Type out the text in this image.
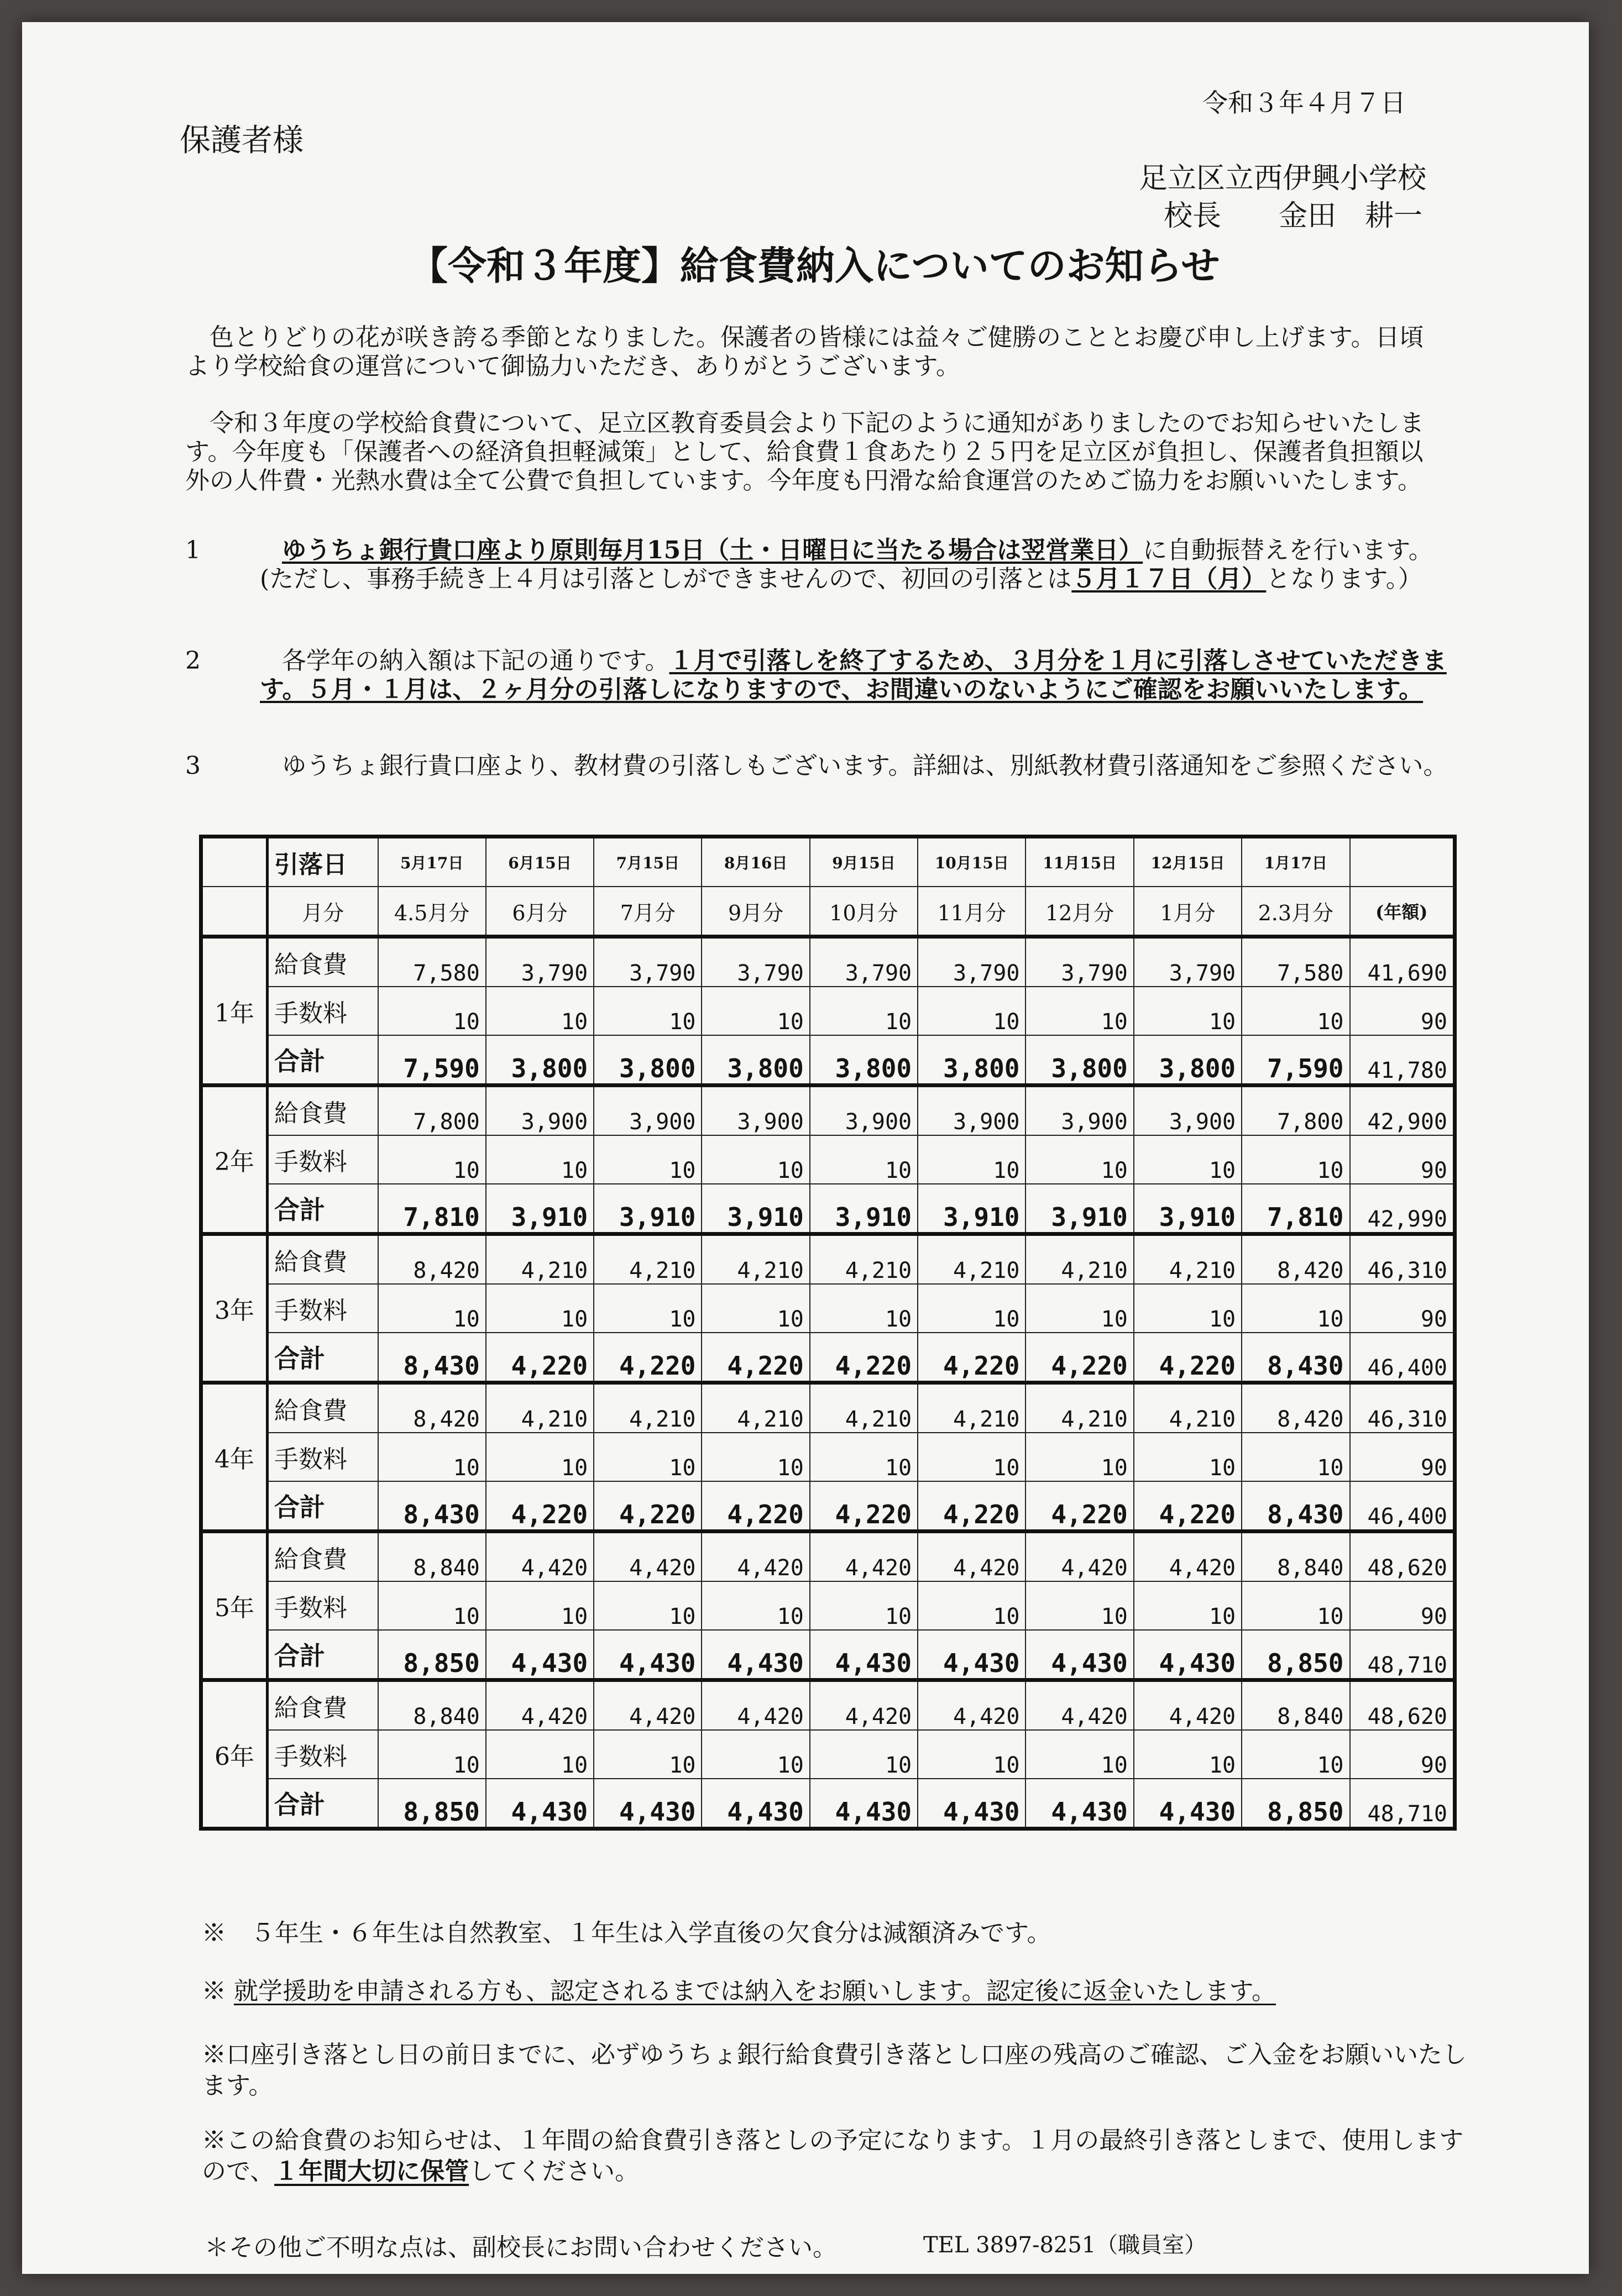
令和３年４月７日
保護者様
足立区立西伊興小学校
校長　　金田　耕一
【令和３年度】給食費納入についてのお知らせ
色とりどりの花が咲き誇る季節となりました。保護者の皆様には益々ご健勝のこととお慶び申し上げます。日頃より学校給食の運営について御協力いただき、ありがとうございます。
令和３年度の学校給食費について、足立区教育委員会より下記のように通知がありましたのでお知らせいたします。今年度も「保護者への経済負担軽減策」として、給食費１食あたり２５円を足立区が負担し、保護者負担額以外の人件費・光熱水費は全て公費で負担しています。今年度も円滑な給食運営のためご協力をお願いいたします。
1	ゆうちょ銀行貴口座より原則毎月15日（土・日曜日に当たる場合は翌営業日）に自動振替えを行います。(ただし、事務手続き上４月は引落としができませんので、初回の引落とは５月１７日（月）となります。）
2	各学年の納入額は下記の通りです。１月で引落しを終了するため、３月分を１月に引落しさせていただきます。５月・１月は、２ヶ月分の引落しになりますので、お間違いのないようにご確認をお願いいたします。
3	ゆうちょ銀行貴口座より、教材費の引落しもございます。詳細は、別紙教材費引落通知をご参照ください。
	引落日	5月17日	6月15日	7月15日	8月16日	9月15日	10月15日	11月15日	12月15日	1月17日	
	月分	4.5月分	6月分	7月分	9月分	10月分	11月分	12月分	1月分	2.3月分	(年額)
1年	給食費	7,580	3,790	3,790	3,790	3,790	3,790	3,790	3,790	7,580	41,690
	手数料	10	10	10	10	10	10	10	10	10	90
	合計	7,590	3,800	3,800	3,800	3,800	3,800	3,800	3,800	7,590	41,780
2年	給食費	7,800	3,900	3,900	3,900	3,900	3,900	3,900	3,900	7,800	42,900
	手数料	10	10	10	10	10	10	10	10	10	90
	合計	7,810	3,910	3,910	3,910	3,910	3,910	3,910	3,910	7,810	42,990
3年	給食費	8,420	4,210	4,210	4,210	4,210	4,210	4,210	4,210	8,420	46,310
	手数料	10	10	10	10	10	10	10	10	10	90
	合計	8,430	4,220	4,220	4,220	4,220	4,220	4,220	4,220	8,430	46,400
4年	給食費	8,420	4,210	4,210	4,210	4,210	4,210	4,210	4,210	8,420	46,310
	手数料	10	10	10	10	10	10	10	10	10	90
	合計	8,430	4,220	4,220	4,220	4,220	4,220	4,220	4,220	8,430	46,400
5年	給食費	8,840	4,420	4,420	4,420	4,420	4,420	4,420	4,420	8,840	48,620
	手数料	10	10	10	10	10	10	10	10	10	90
	合計	8,850	4,430	4,430	4,430	4,430	4,430	4,430	4,430	8,850	48,710
6年	給食費	8,840	4,420	4,420	4,420	4,420	4,420	4,420	4,420	8,840	48,620
	手数料	10	10	10	10	10	10	10	10	10	90
	合計	8,850	4,430	4,430	4,430	4,430	4,430	4,430	4,430	8,850	48,710
※　５年生・６年生は自然教室、１年生は入学直後の欠食分は減額済みです。
※ 就学援助を申請される方も、認定されるまでは納入をお願いします。認定後に返金いたします。
※口座引き落とし日の前日までに、必ずゆうちょ銀行給食費引き落とし口座の残高のご確認、ご入金をお願いいたします。
※この給食費のお知らせは、１年間の給食費引き落としの予定になります。１月の最終引き落としまで、使用しますので、１年間大切に保管してください。
＊その他ご不明な点は、副校長にお問い合わせください。	TEL 3897-8251（職員室）
